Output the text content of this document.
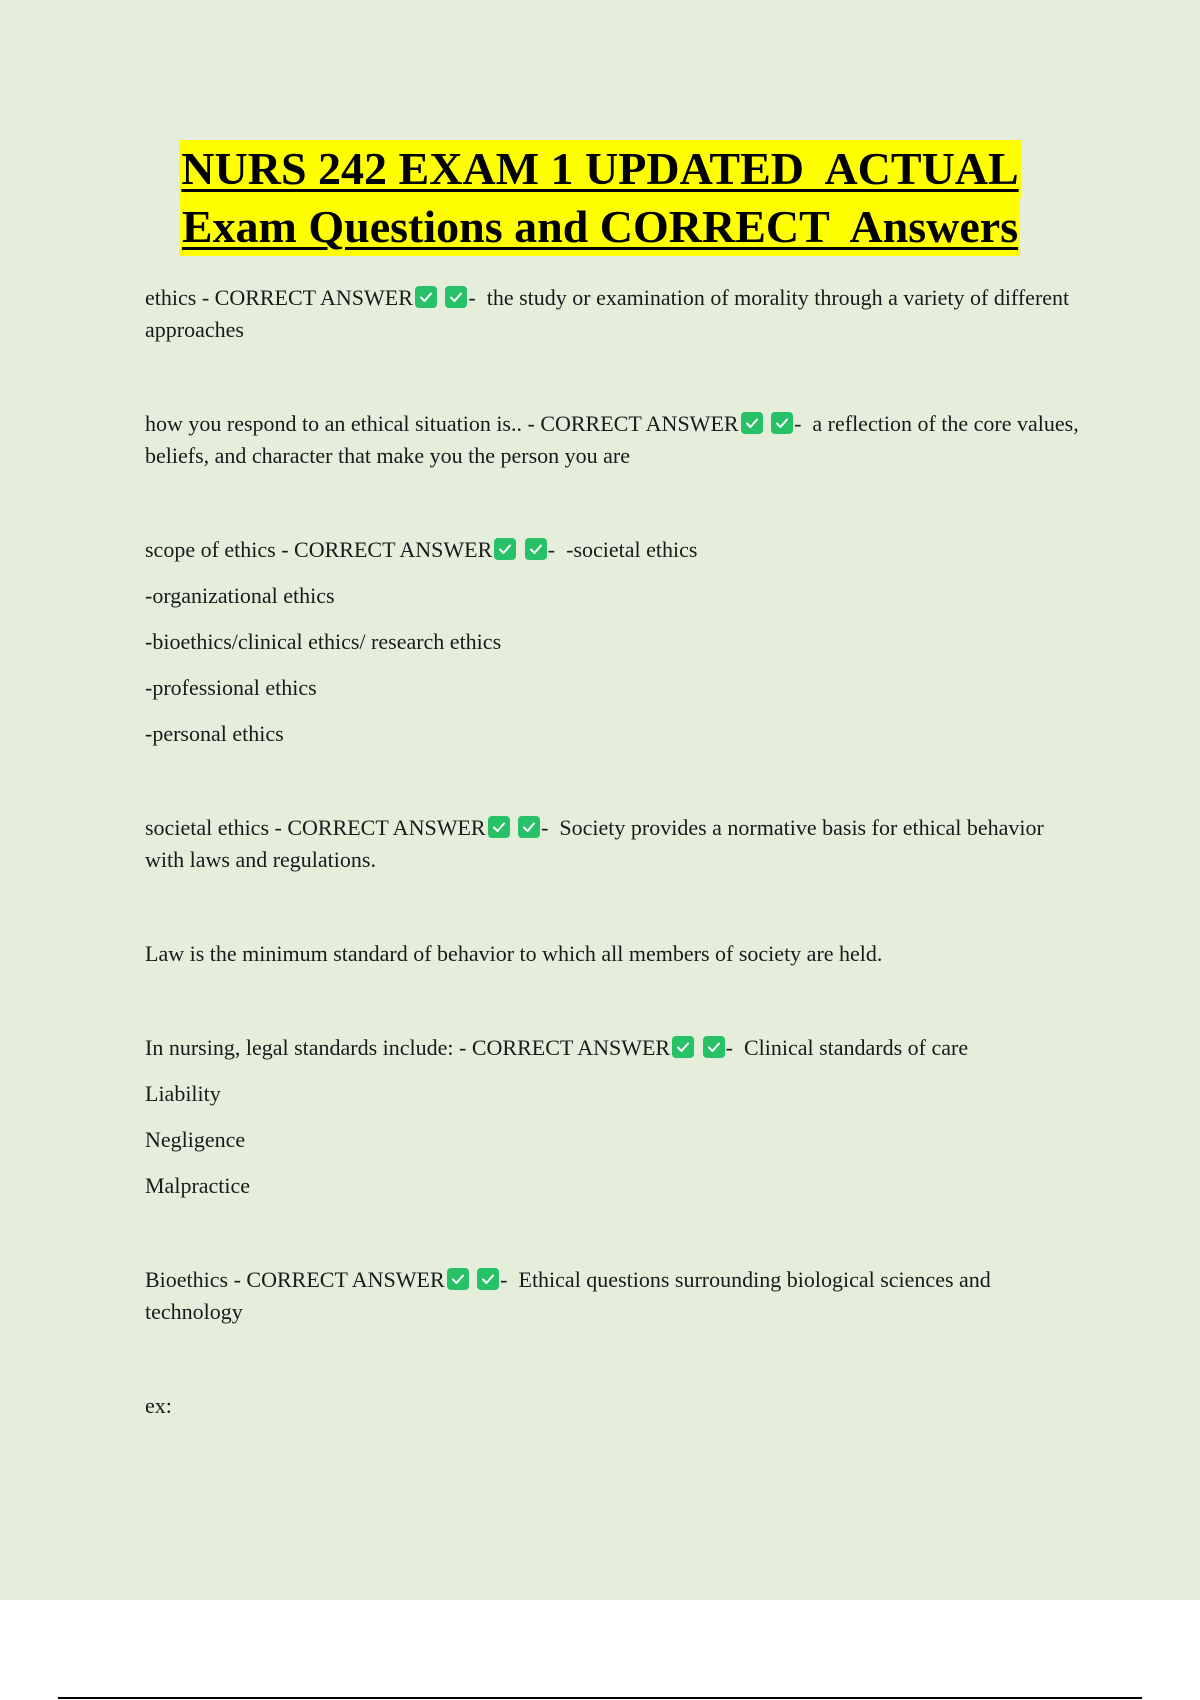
NURS 242 EXAM 1 UPDATED  ACTUAL
Exam Questions and CORRECT  Answers
ethics - CORRECT ANSWER
	-  the study or examination of morality through a variety of different approaches
how you respond to an ethical situation is.. - CORRECT ANSWER
	-  a reflection of the core values, beliefs, and character that make you the person you are
scope of ethics - CORRECT ANSWER
	-  -societal ethics
-organizational ethics
-bioethics/clinical ethics/ research ethics
-professional ethics
-personal ethics
societal ethics - CORRECT ANSWER
	-  Society provides a normative basis for ethical behavior with laws and regulations.
Law is the minimum standard of behavior to which all members of society are held.
In nursing, legal standards include: - CORRECT ANSWER
	-  Clinical standards of care
Liability
Negligence
Malpractice
Bioethics - CORRECT ANSWER
	-  Ethical questions surrounding biological sciences and technology
ex:
